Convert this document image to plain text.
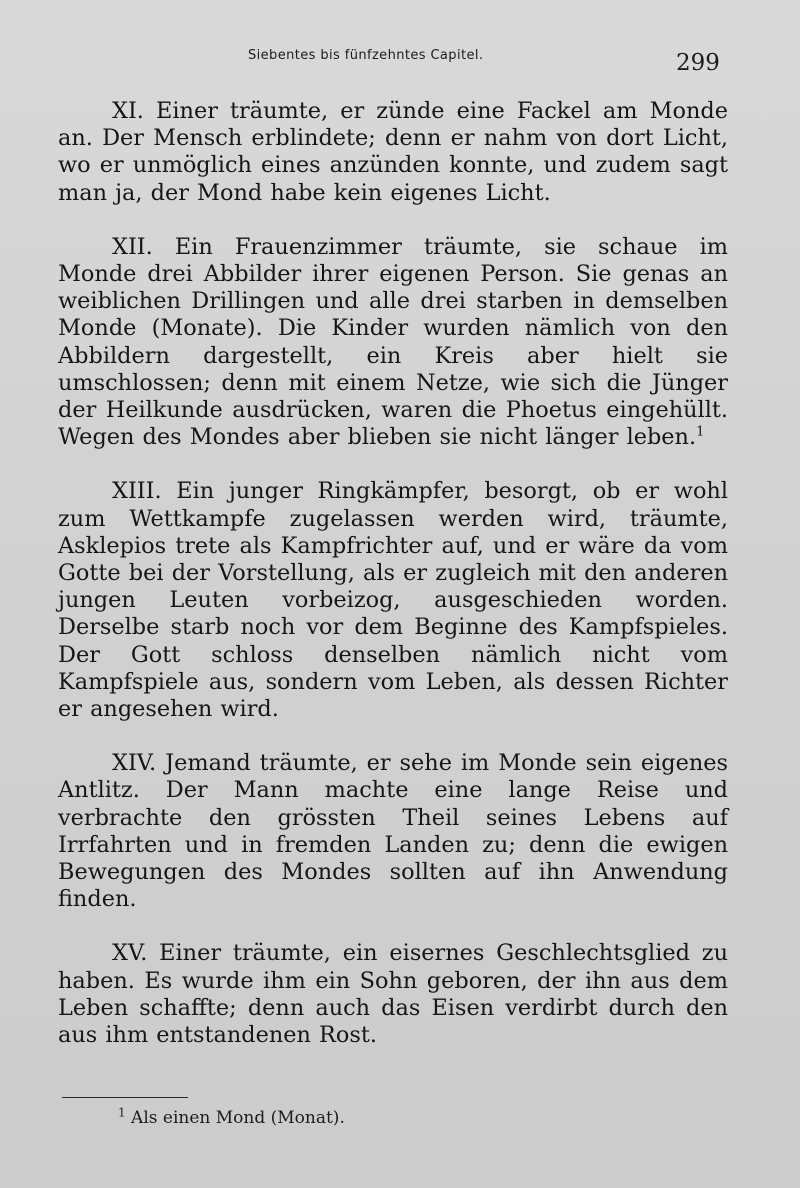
Siebentes bis fünfzehntes Capitel.	299

XI. Einer träumte, er zünde eine Fackel am Monde an. Der Mensch erblindete; denn er nahm von dort Licht, wo er unmöglich eines anzünden konnte, und zudem sagt man ja, der Mond habe kein eigenes Licht.

XII. Ein Frauenzimmer träumte, sie schaue im Monde drei Abbilder ihrer eigenen Person. Sie genas an weiblichen Drillingen und alle drei starben in demselben Monde (Monate). Die Kinder wurden nämlich von den Abbildern dargestellt, ein Kreis aber hielt sie umschlossen; denn mit einem Netze, wie sich die Jünger der Heilkunde ausdrücken, waren die Phoetus eingehüllt. Wegen des Mondes aber blieben sie nicht länger leben.$^1$

XIII. Ein junger Ringkämpfer, besorgt, ob er wohl zum Wettkampfe zugelassen werden wird, träumte, Asklepios trete als Kampfrichter auf, und er wäre da vom Gotte bei der Vorstellung, als er zugleich mit den anderen jungen Leuten vorbeizog, ausgeschieden worden. Derselbe starb noch vor dem Beginne des Kampfspieles. Der Gott schloss denselben nämlich nicht vom Kampfspiele aus, sondern vom Leben, als dessen Richter er angesehen wird.

XIV. Jemand träumte, er sehe im Monde sein eigenes Antlitz. Der Mann machte eine lange Reise und verbrachte den grössten Theil seines Lebens auf Irrfahrten und in fremden Landen zu; denn die ewigen Bewegungen des Mondes sollten auf ihn Anwendung finden.

XV. Einer träumte, ein eisernes Geschlechtsglied zu haben. Es wurde ihm ein Sohn geboren, der ihn aus dem Leben schaffte; denn auch das Eisen verdirbt durch den aus ihm entstandenen Rost.

$^1$ Als einen Mond (Monat).
